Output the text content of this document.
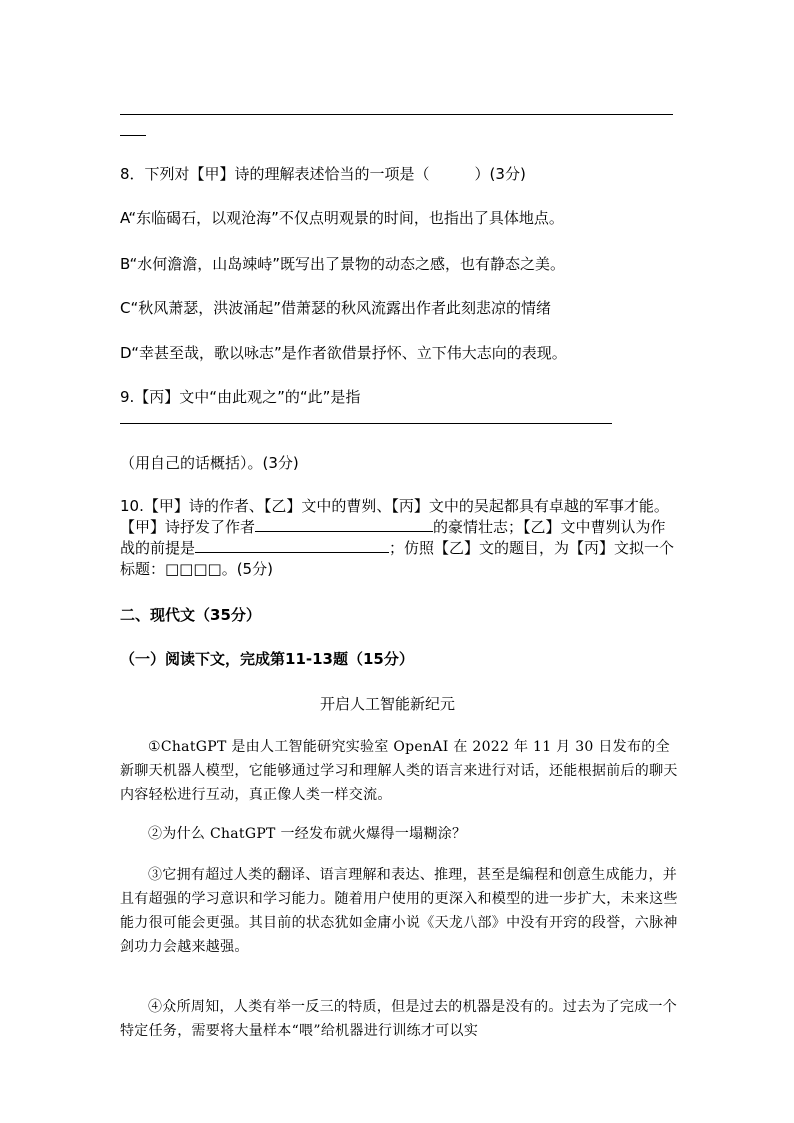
8．下列对【甲】诗的理解表述恰当的一项是（　　　）(3分)
A“东临碣石，以观沧海”不仅点明观景的时间，也指出了具体地点。
B“水何澹澹，山岛竦峙”既写出了景物的动态之感，也有静态之美。
C“秋风萧瑟，洪波涌起”借萧瑟的秋风流露出作者此刻悲凉的情绪
D“幸甚至哉，歌以咏志”是作者欲借景抒怀、立下伟大志向的表现。
9.【丙】文中“由此观之”的“此”是指
（用自己的话概括）。(3分)
10.【甲】诗的作者、【乙】文中的曹刿、【丙】文中的吴起都具有卓越的军事才能。【甲】诗抒发了作者	的豪情壮志；【乙】文中曹刿认为作战的前提是	；仿照【乙】文的题目，为【丙】文拟一个标题：□□□□。(5分)
二、现代文（35分）
（一）阅读下文，完成第11-13题（15分）
开启人工智能新纪元
①ChatGPT 是由人工智能研究实验室 OpenAI 在 2022 年 11 月 30 日发布的全新聊天机器人模型，它能够通过学习和理解人类的语言来进行对话，还能根据前后的聊天内容轻松进行互动，真正像人类一样交流。
②为什么 ChatGPT 一经发布就火爆得一塌糊涂？
③它拥有超过人类的翻译、语言理解和表达、推理，甚至是编程和创意生成能力，并且有超强的学习意识和学习能力。随着用户使用的更深入和模型的进一步扩大，未来这些能力很可能会更强。其目前的状态犹如金庸小说《天龙八部》中没有开窍的段誉，六脉神剑功力会越来越强。
④众所周知，人类有举一反三的特质，但是过去的机器是没有的。过去为了完成一个特定任务，需要将大量样本“喂”给机器进行训练才可以实
